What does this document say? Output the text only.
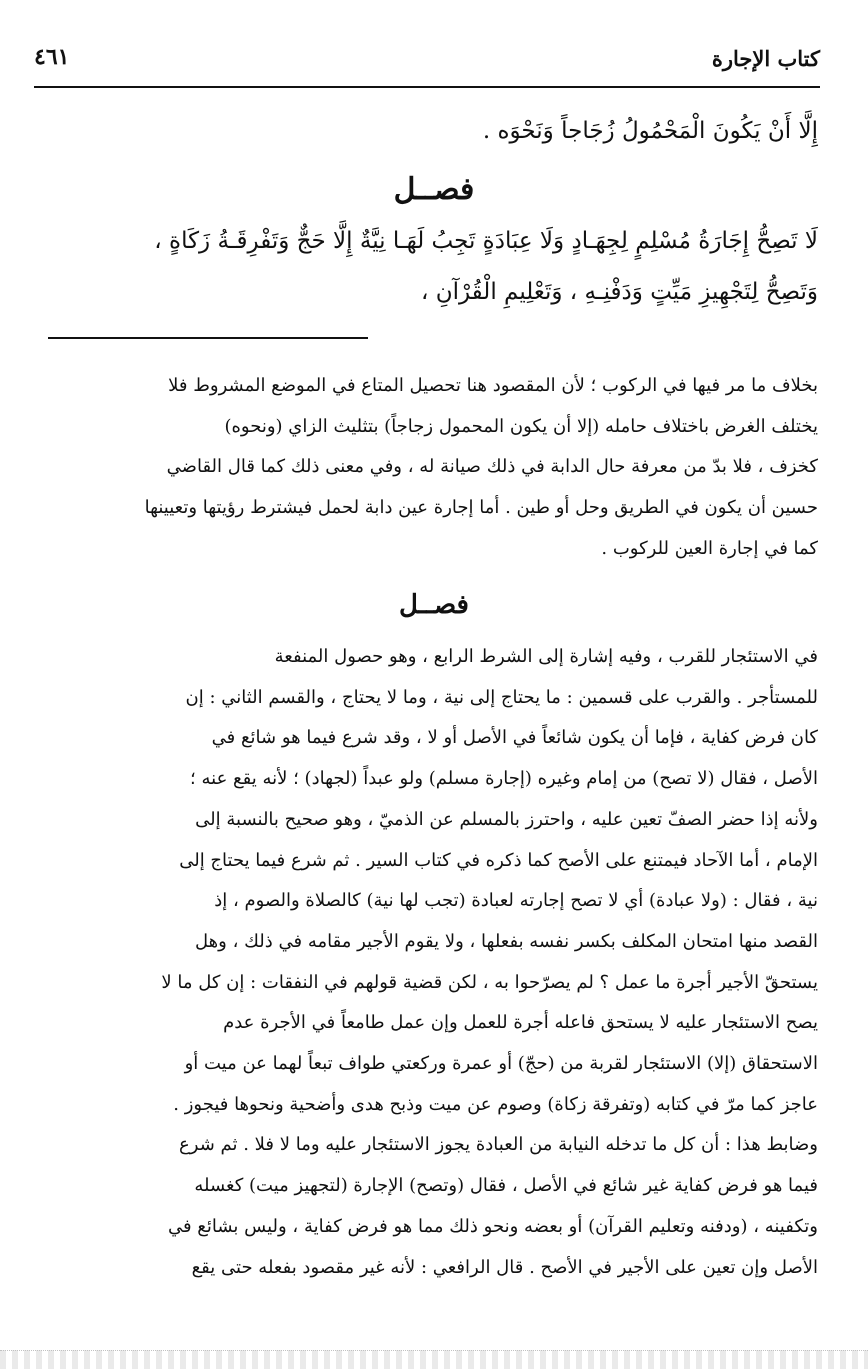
كتاب الإجارة
٤٦١
إِلَّا أَنْ يَكُونَ الْمَحْمُولُ زُجَاجاً وَنَحْوَه .
فصــل
لَا تَصِحُّ إِجَارَةُ مُسْلِمٍ لِجِهَـادٍ وَلَا عِبَادَةٍ تَجِبُ لَهَـا نِيَّةٌ إِلَّا حَجٌّ وَتَفْرِقَـةُ زَكَاةٍ ،
وَتَصِحُّ لِتَجْهِيزِ مَيِّتٍ وَدَفْنِـهِ ، وَتَعْلِيمِ الْقُرْآنِ ،
بخلاف ما مر فيها في الركوب ؛ لأن المقصود هنا تحصيل المتاع في الموضع المشروط فلا
يختلف الغرض باختلاف حامله (إلا أن يكون المحمول زجاجاً) بتثليث الزاي (ونحوه)
كخزف ، فلا بدّ من معرفة حال الدابة في ذلك صيانة له ، وفي معنى ذلك كما قال القاضي
حسين أن يكون في الطريق وحل أو طين . أما إجارة عين دابة لحمل فيشترط رؤيتها وتعيينها
كما في إجارة العين للركوب .
فصــل
في الاستئجار للقرب ، وفيه إشارة إلى الشرط الرابع ، وهو حصول المنفعة
للمستأجر . والقرب على قسمين : ما يحتاج إلى نية ، وما لا يحتاج ، والقسم الثاني : إن
كان فرض كفاية ، فإما أن يكون شائعاً في الأصل أو لا ، وقد شرع فيما هو شائع في
الأصل ، فقال (لا تصح) من إمام وغيره (إجارة مسلم) ولو عبداً (لجهاد) ؛ لأنه يقع عنه ؛
ولأنه إذا حضر الصفّ تعين عليه ، واحترز بالمسلم عن الذميّ ، وهو صحيح بالنسبة إلى
الإمام ، أما الآحاد فيمتنع على الأصح كما ذكره في كتاب السير . ثم شرع فيما يحتاج إلى
نية ، فقال : (ولا عبادة) أي لا تصح إجارته لعبادة (تجب لها نية) كالصلاة والصوم ، إذ
القصد منها امتحان المكلف بكسر نفسه بفعلها ، ولا يقوم الأجير مقامه في ذلك ، وهل
يستحقّ الأجير أجرة ما عمل ؟ لم يصرّحوا به ، لكن قضية قولهم في النفقات : إن كل ما لا
يصح الاستئجار عليه لا يستحق فاعله أجرة للعمل وإن عمل طامعاً في الأجرة عدم
الاستحقاق (إلا) الاستئجار لقربة من (حجّ) أو عمرة وركعتي طواف تبعاً لهما عن ميت أو
عاجز كما مرّ في كتابه (وتفرقة زكاة) وصوم عن ميت وذبح هدى وأضحية ونحوها فيجوز .
وضابط هذا : أن كل ما تدخله النيابة من العبادة يجوز الاستئجار عليه وما لا فلا . ثم شرع
فيما هو فرض كفاية غير شائع في الأصل ، فقال (وتصح) الإجارة (لتجهيز ميت) كغسله
وتكفينه ، (ودفنه وتعليم القرآن) أو بعضه ونحو ذلك مما هو فرض كفاية ، وليس بشائع في
الأصل وإن تعين على الأجير في الأصح . قال الرافعي : لأنه غير مقصود بفعله حتى يقع
